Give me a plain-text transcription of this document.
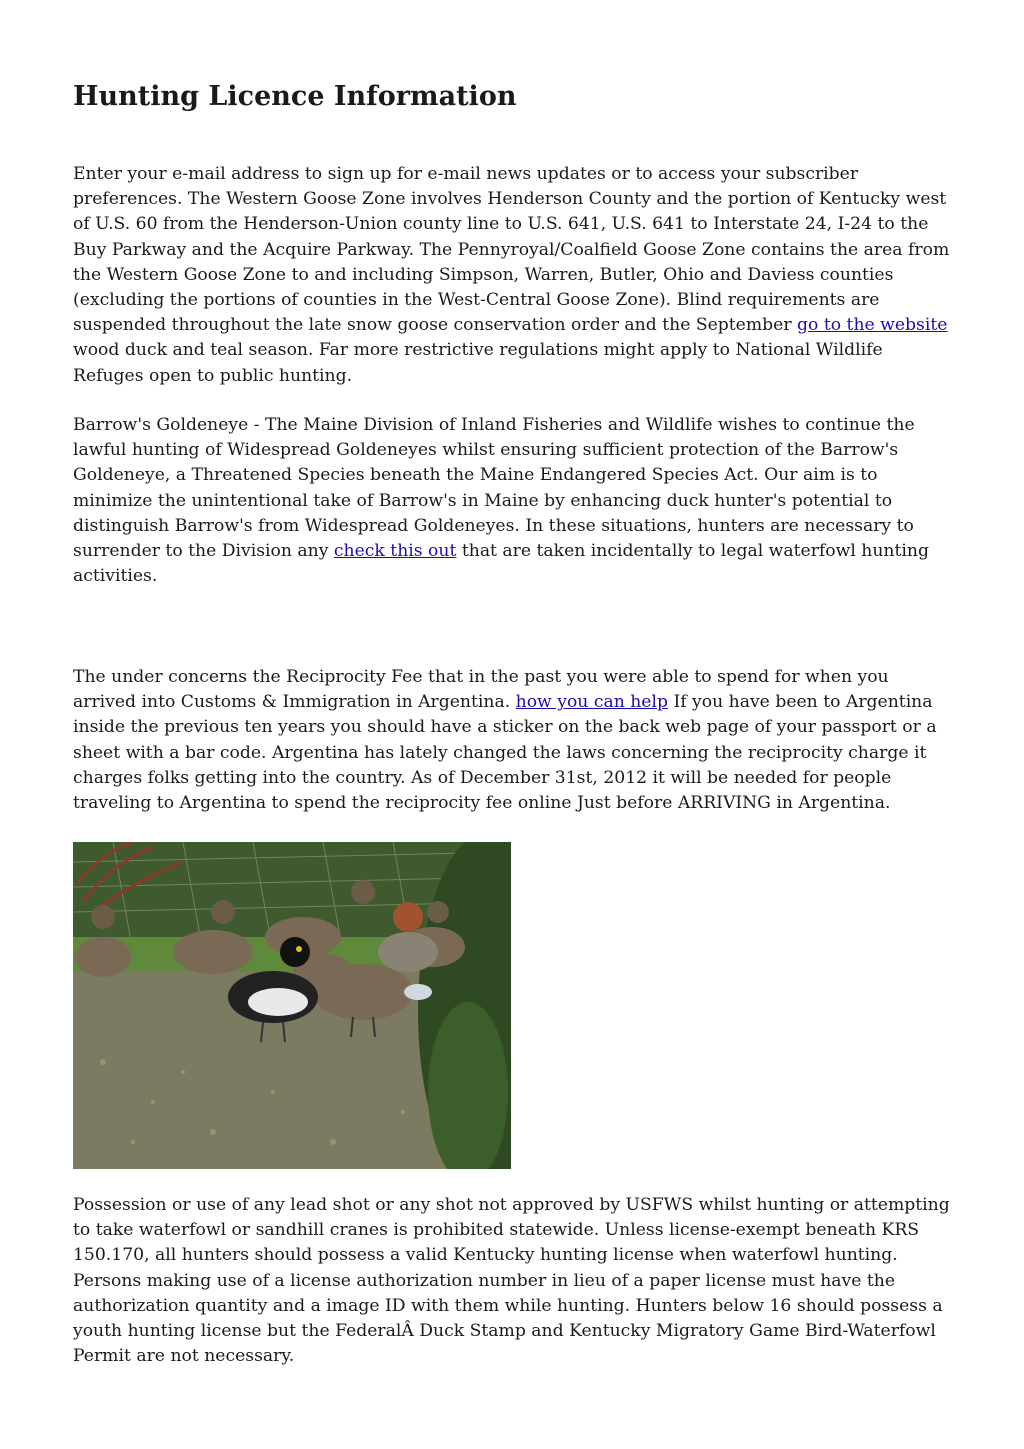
Hunting Licence Information

Enter your e-mail address to sign up for e-mail news updates or to access your subscriber preferences. The Western Goose Zone involves Henderson County and the portion of Kentucky west of U.S. 60 from the Henderson-Union county line to U.S. 641, U.S. 641 to Interstate 24, I-24 to the Buy Parkway and the Acquire Parkway. The Pennyroyal/Coalfield Goose Zone contains the area from the Western Goose Zone to and including Simpson, Warren, Butler, Ohio and Daviess counties (excluding the portions of counties in the West-Central Goose Zone). Blind requirements are suspended throughout the late snow goose conservation order and the September go to the website wood duck and teal season. Far more restrictive regulations might apply to National Wildlife Refuges open to public hunting.

Barrow's Goldeneye - The Maine Division of Inland Fisheries and Wildlife wishes to continue the lawful hunting of Widespread Goldeneyes whilst ensuring sufficient protection of the Barrow's Goldeneye, a Threatened Species beneath the Maine Endangered Species Act. Our aim is to minimize the unintentional take of Barrow's in Maine by enhancing duck hunter's potential to distinguish Barrow's from Widespread Goldeneyes. In these situations, hunters are necessary to surrender to the Division any check this out that are taken incidentally to legal waterfowl hunting activities.

The under concerns the Reciprocity Fee that in the past you were able to spend for when you arrived into Customs & Immigration in Argentina. how you can help If you have been to Argentina inside the previous ten years you should have a sticker on the back web page of your passport or a sheet with a bar code. Argentina has lately changed the laws concerning the reciprocity charge it charges folks getting into the country. As of December 31st, 2012 it will be needed for people traveling to Argentina to spend the reciprocity fee online Just before ARRIVING in Argentina.

Possession or use of any lead shot or any shot not approved by USFWS whilst hunting or attempting to take waterfowl or sandhill cranes is prohibited statewide. Unless license-exempt beneath KRS 150.170, all hunters should possess a valid Kentucky hunting license when waterfowl hunting. Persons making use of a license authorization number in lieu of a paper license must have the authorization quantity and a image ID with them while hunting. Hunters below 16 should possess a youth hunting license but the FederalÂ Duck Stamp and Kentucky Migratory Game Bird-Waterfowl Permit are not necessary.
